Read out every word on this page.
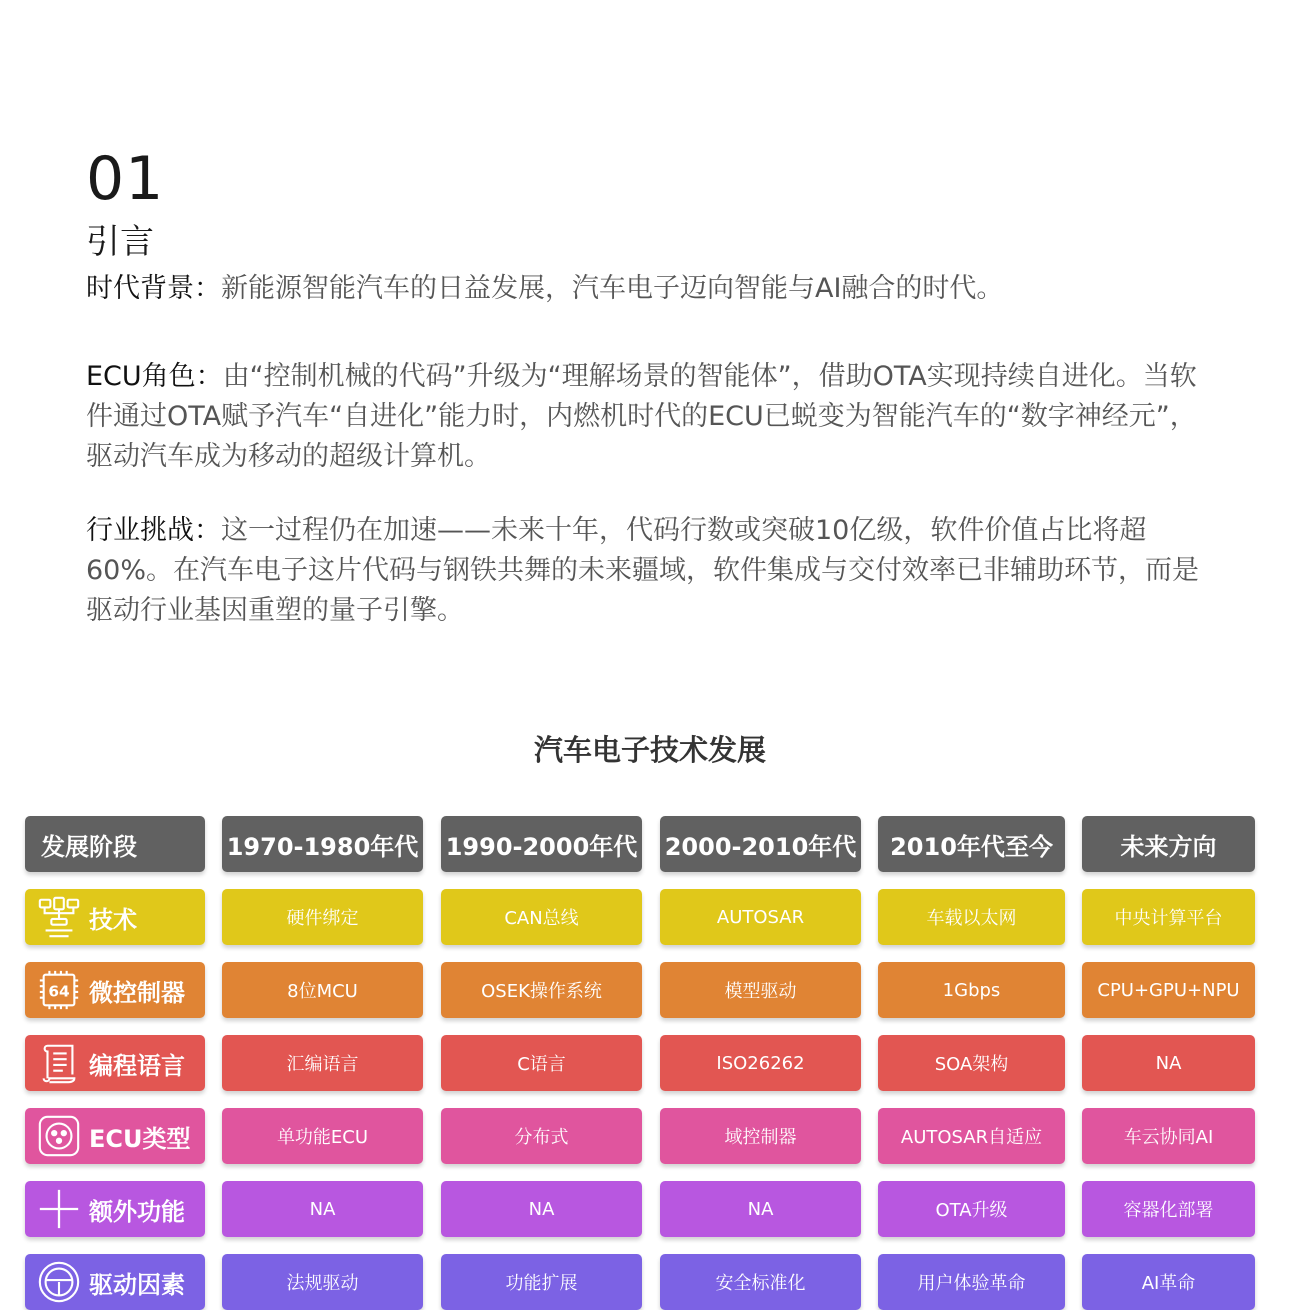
01
引言
时代背景：新能源智能汽车的日益发展，汽车电子迈向智能与AI融合的时代。
ECU角色：由“控制机械的代码”升级为“理解场景的智能体”，借助OTA实现持续自进化。当软件通过OTA赋予汽车“自进化”能力时，内燃机时代的ECU已蜕变为智能汽车的“数字神经元”，驱动汽车成为移动的超级计算机。
行业挑战：这一过程仍在加速——未来十年，代码行数或突破10亿级，软件价值占比将超60%。在汽车电子这片代码与钢铁共舞的未来疆域，软件集成与交付效率已非辅助环节，而是驱动行业基因重塑的量子引擎。
汽车电子技术发展
发展阶段	1970-1980年代 1990-2000年代 2000-2010年代	2010年代至今	未来方向
技术	硬件绑定	CAN总线	AUTOSAR	车载以太网	中央计算平台
64 微控制器	8位MCU	OSEK操作系统	模型驱动	1Gbps	CPU+GPU+NPU
编程语言	汇编语言	C语言	ISO26262	SOA架构	NA
ECU类型	单功能ECU	分布式	域控制器	AUTOSAR自适应	车云协同AI
额外功能	NA	NA	NA	OTA升级	容器化部署
驱动因素	法规驱动	功能扩展	安全标准化	用户体验革命	AI革命
